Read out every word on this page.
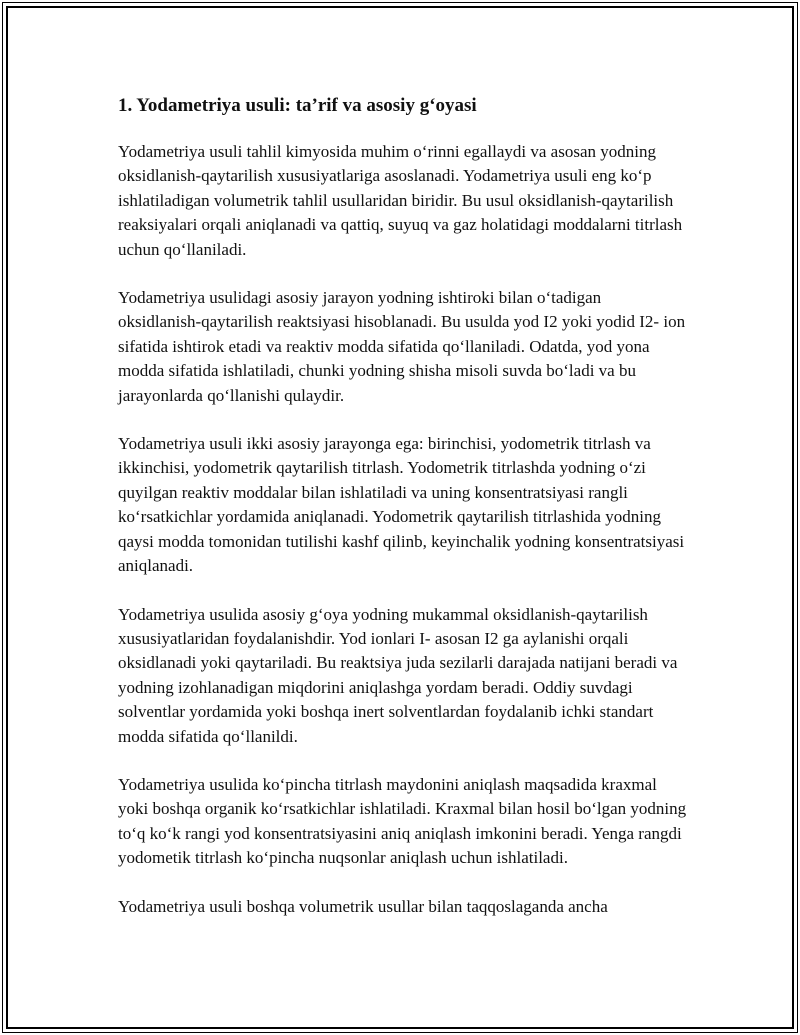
1. Yodametriya usuli: ta’rif va asosiy g‘oyasi

Yodametriya usuli tahlil kimyosida muhim o‘rinni egallaydi va asosan yodning oksidlanish-qaytarilish xususiyatlariga asoslanadi. Yodametriya usuli eng ko‘p ishlatiladigan volumetrik tahlil usullaridan biridir. Bu usul oksidlanish-qaytarilish reaksiyalari orqali aniqlanadi va qattiq, suyuq va gaz holatidagi moddalarni titrlash uchun qo‘llaniladi.

Yodametriya usulidagi asosiy jarayon yodning ishtiroki bilan o‘tadigan oksidlanish-qaytarilish reaktsiyasi hisoblanadi. Bu usulda yod I2 yoki yodid I2- ion sifatida ishtirok etadi va reaktiv modda sifatida qo‘llaniladi. Odatda, yod yona modda sifatida ishlatiladi, chunki yodning shisha misoli suvda bo‘ladi va bu jarayonlarda qo‘llanishi qulaydir.

Yodametriya usuli ikki asosiy jarayonga ega: birinchisi, yodometrik titrlash va ikkinchisi, yodometrik qaytarilish titrlash. Yodometrik titrlashda yodning o‘zi quyilgan reaktiv moddalar bilan ishlatiladi va uning konsentratsiyasi rangli ko‘rsatkichlar yordamida aniqlanadi. Yodometrik qaytarilish titrlashida yodning qaysi modda tomonidan tutilishi kashf qilinb, keyinchalik yodning konsentratsiyasi aniqlanadi.

Yodametriya usulida asosiy g‘oya yodning mukammal oksidlanish-qaytarilish xususiyatlaridan foydalanishdir. Yod ionlari I- asosan I2 ga aylanishi orqali oksidlanadi yoki qaytariladi. Bu reaktsiya juda sezilarli darajada natijani beradi va yodning izohlanadigan miqdorini aniqlashga yordam beradi. Oddiy suvdagi solventlar yordamida yoki boshqa inert solventlardan foydalanib ichki standart modda sifatida qo‘llanildi.

Yodametriya usulida ko‘pincha titrlash maydonini aniqlash maqsadida kraxmal yoki boshqa organik ko‘rsatkichlar ishlatiladi. Kraxmal bilan hosil bo‘lgan yodning to‘q ko‘k rangi yod konsentratsiyasini aniq aniqlash imkonini beradi. Yenga rangdi yodometik titrlash ko‘pincha nuqsonlar aniqlash uchun ishlatiladi.

Yodametriya usuli boshqa volumetrik usullar bilan taqqoslaganda ancha
